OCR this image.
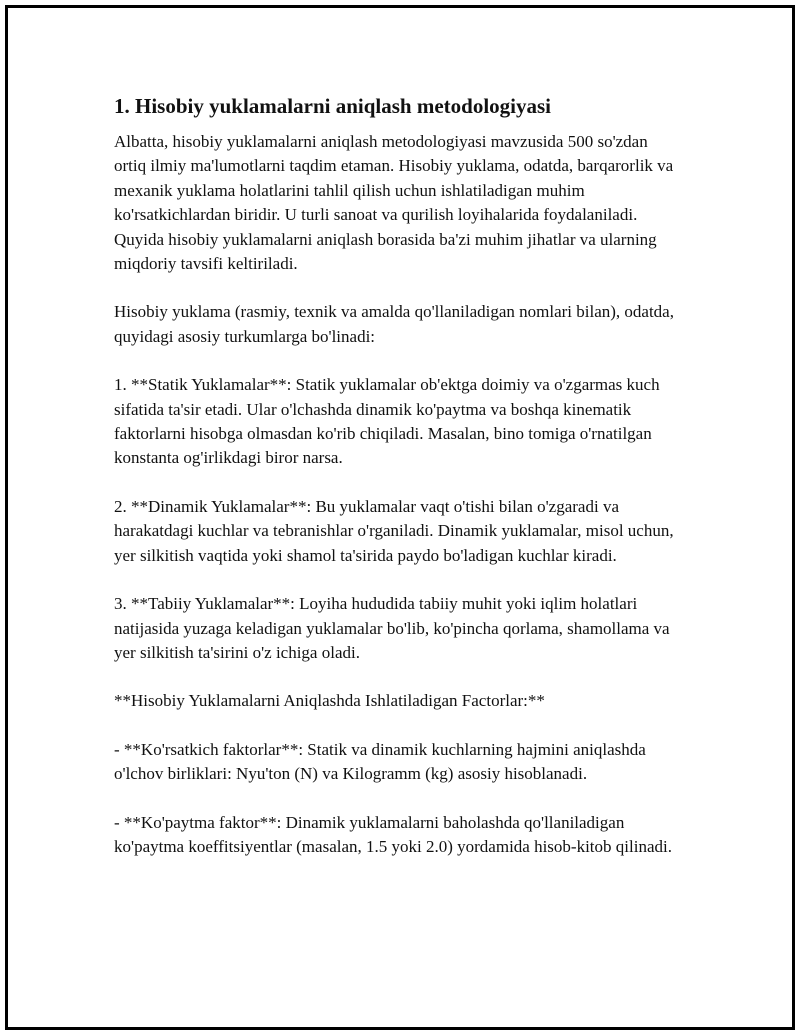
1. Hisobiy yuklamalarni aniqlash metodologiyasi

Albatta, hisobiy yuklamalarni aniqlash metodologiyasi mavzusida 500 so'zdan ortiq ilmiy ma'lumotlarni taqdim etaman. Hisobiy yuklama, odatda, barqarorlik va mexanik yuklama holatlarini tahlil qilish uchun ishlatiladigan muhim ko'rsatkichlardan biridir. U turli sanoat va qurilish loyihalarida foydalaniladi. Quyida hisobiy yuklamalarni aniqlash borasida ba'zi muhim jihatlar va ularning miqdoriy tavsifi keltiriladi.

Hisobiy yuklama (rasmiy, texnik va amalda qo'llaniladigan nomlari bilan), odatda, quyidagi asosiy turkumlarga bo'linadi:

1. **Statik Yuklamalar**: Statik yuklamalar ob'ektga doimiy va o'zgarmas kuch sifatida ta'sir etadi. Ular o'lchashda dinamik ko'paytma va boshqa kinematik faktorlarni hisobga olmasdan ko'rib chiqiladi. Masalan, bino tomiga o'rnatilgan konstanta og'irlikdagi biror narsa.

2. **Dinamik Yuklamalar**: Bu yuklamalar vaqt o'tishi bilan o'zgaradi va harakatdagi kuchlar va tebranishlar o'rganiladi. Dinamik yuklamalar, misol uchun, yer silkitish vaqtida yoki shamol ta'sirida paydo bo'ladigan kuchlar kiradi.

3. **Tabiiy Yuklamalar**: Loyiha hududida tabiiy muhit yoki iqlim holatlari natijasida yuzaga keladigan yuklamalar bo'lib, ko'pincha qorlama, shamollama va yer silkitish ta'sirini o'z ichiga oladi.

**Hisobiy Yuklamalarni Aniqlashda Ishlatiladigan Factorlar:**

- **Ko'rsatkich faktorlar**: Statik va dinamik kuchlarning hajmini aniqlashda o'lchov birliklari: Nyu'ton (N) va Kilogramm (kg) asosiy hisoblanadi.

- **Ko'paytma faktor**: Dinamik yuklamalarni baholashda qo'llaniladigan ko'paytma koeffitsiyentlar (masalan, 1.5 yoki 2.0) yordamida hisob-kitob qilinadi.
